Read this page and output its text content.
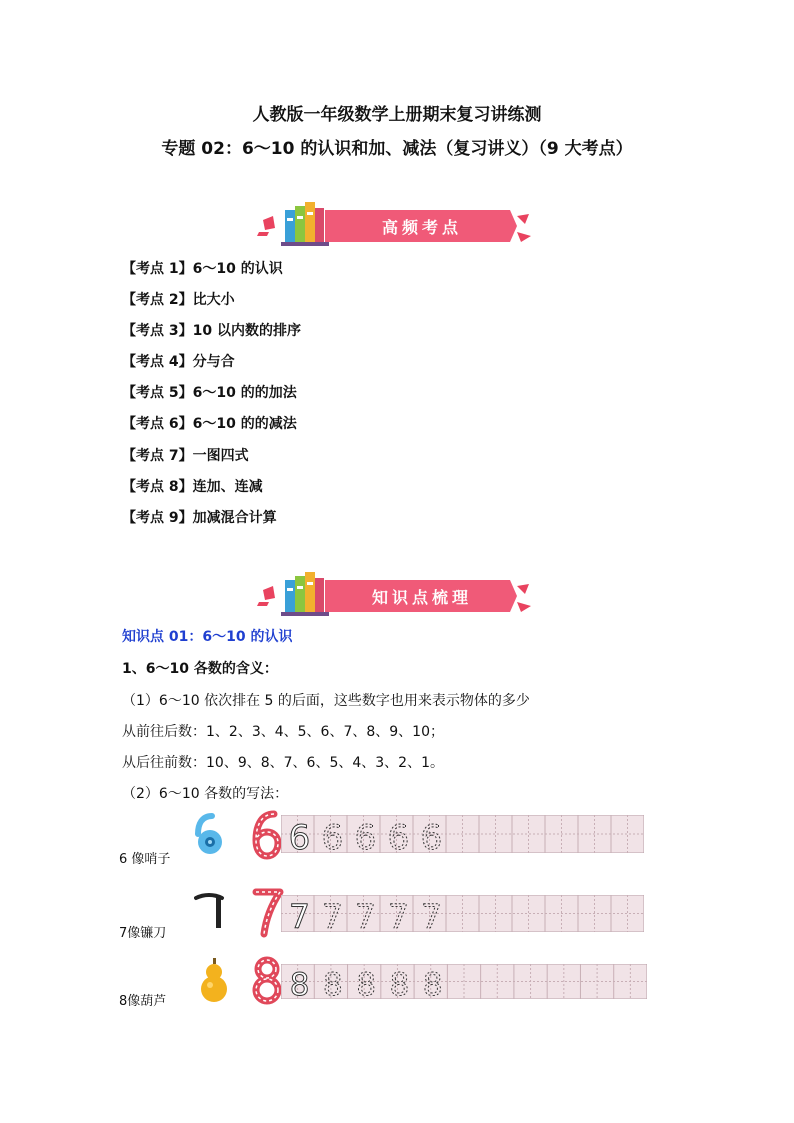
人教版一年级数学上册期末复习讲练测
专题 02：6～10 的认识和加、减法（复习讲义）（9 大考点）
高频考点
【考点 1】6～10 的认识
【考点 2】比大小
【考点 3】10 以内数的排序
【考点 4】分与合
【考点 5】6～10 的的加法
【考点 6】6～10 的的减法
【考点 7】一图四式
【考点 8】连加、连减
【考点 9】加减混合计算
知识点梳理
知识点 01：6～10 的认识
1、6～10 各数的含义：
（1）6～10 依次排在 5 的后面，这些数字也用来表示物体的多少
从前往后数：1、2、3、4、5、6、7、8、9、10；
从后往前数：10、9、8、7、6、5、4、3、2、1。
（2）6～10 各数的写法：
6 像哨子
6 6 6 6 6
7像镰刀	7 7 7 7 7
8像葫芦	8 8 8 8 8
